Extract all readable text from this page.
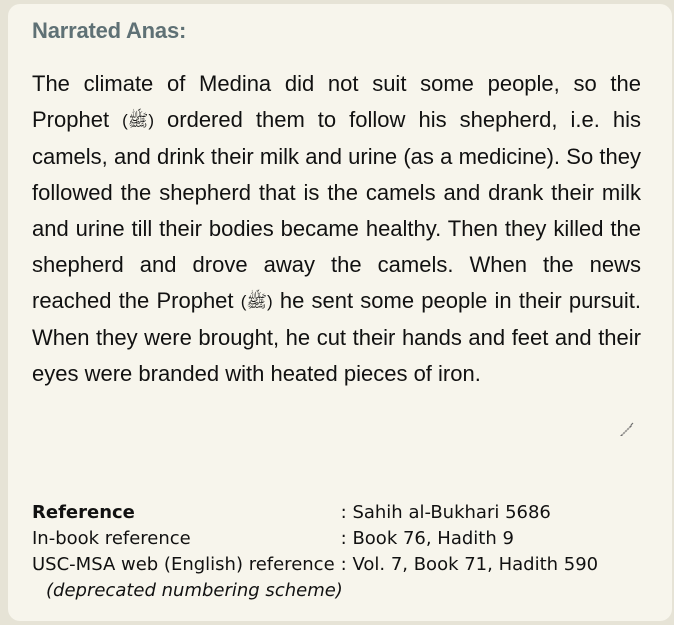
Narrated Anas:
The climate of Medina did not suit some people, so the Prophet (ﷺ) ordered them to follow his shepherd, i.e. his camels, and drink their milk and urine (as a medicine). So they followed the shepherd that is the camels and drank their milk and urine till their bodies became healthy. Then they killed the shepherd and drove away the camels. When the news reached the Prophet (ﷺ) he sent some people in their pursuit. When they were brought, he cut their hands and feet and their eyes were branded with heated pieces of iron.
Reference	: Sahih al-Bukhari 5686
In-book reference	: Book 76, Hadith 9
USC-MSA web (English) reference	: Vol. 7, Book 71, Hadith 590
(deprecated numbering scheme)
